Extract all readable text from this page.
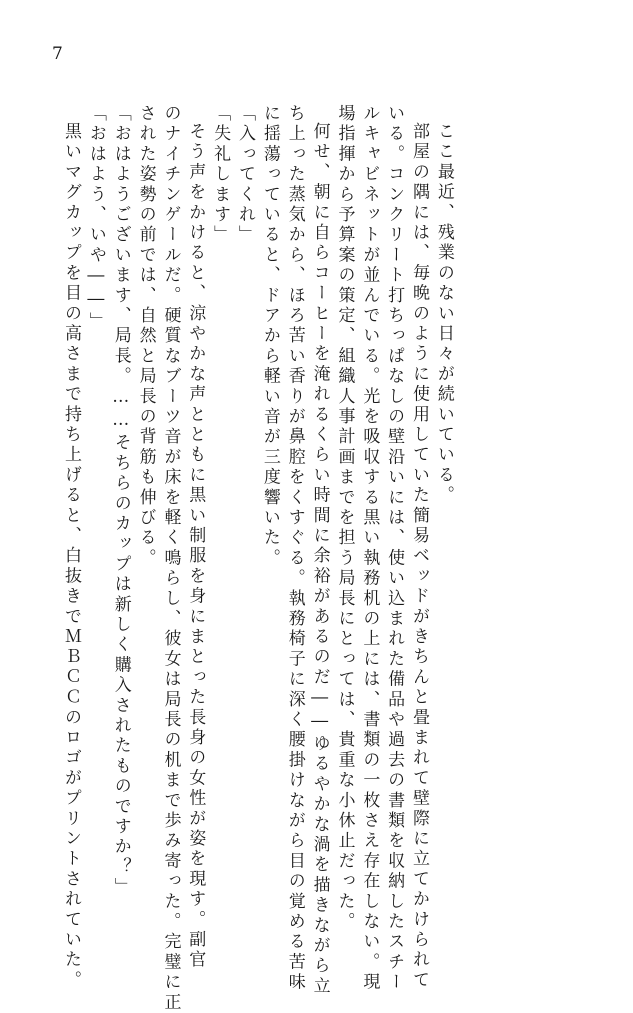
7
ここ最近、残業のない日々が続いている。
部屋の隅には、毎晩のように使用していた簡易ベッドがきちんと畳まれて壁際に立てかけられて
いる。コンクリート打ちっぱなしの壁沿いには、使い込まれた備品や過去の書類を収納したスチー
ルキャビネットが並んでいる。光を吸収する黒い執務机の上には、書類の一枚さえ存在しない。現
場指揮から予算案の策定、組織人事計画までを担う局長にとっては、貴重な小休止だった。
何せ、朝に自らコーヒーを淹れるくらい時間に余裕があるのだ――ゆるやかな渦を描きながら立
ち上った蒸気から、ほろ苦い香りが鼻腔をくすぐる。執務椅子に深く腰掛けながら目の覚める苦味
に揺蕩っていると、ドアから軽い音が三度響いた。
「入ってくれ」
「失礼します」
そう声をかけると、涼やかな声とともに黒い制服を身にまとった長身の女性が姿を現す。副官
のナイチンゲールだ。硬質なブーツ音が床を軽く鳴らし、彼女は局長の机まで歩み寄った。完璧に正
された姿勢の前では、自然と局長の背筋も伸びる。
「おはようございます、局長。……そちらのカップは新しく購入されたものですか？」
「おはよう、いや――」
黒いマグカップを目の高さまで持ち上げると、白抜きでＭＢＣＣのロゴがプリントされていた。
